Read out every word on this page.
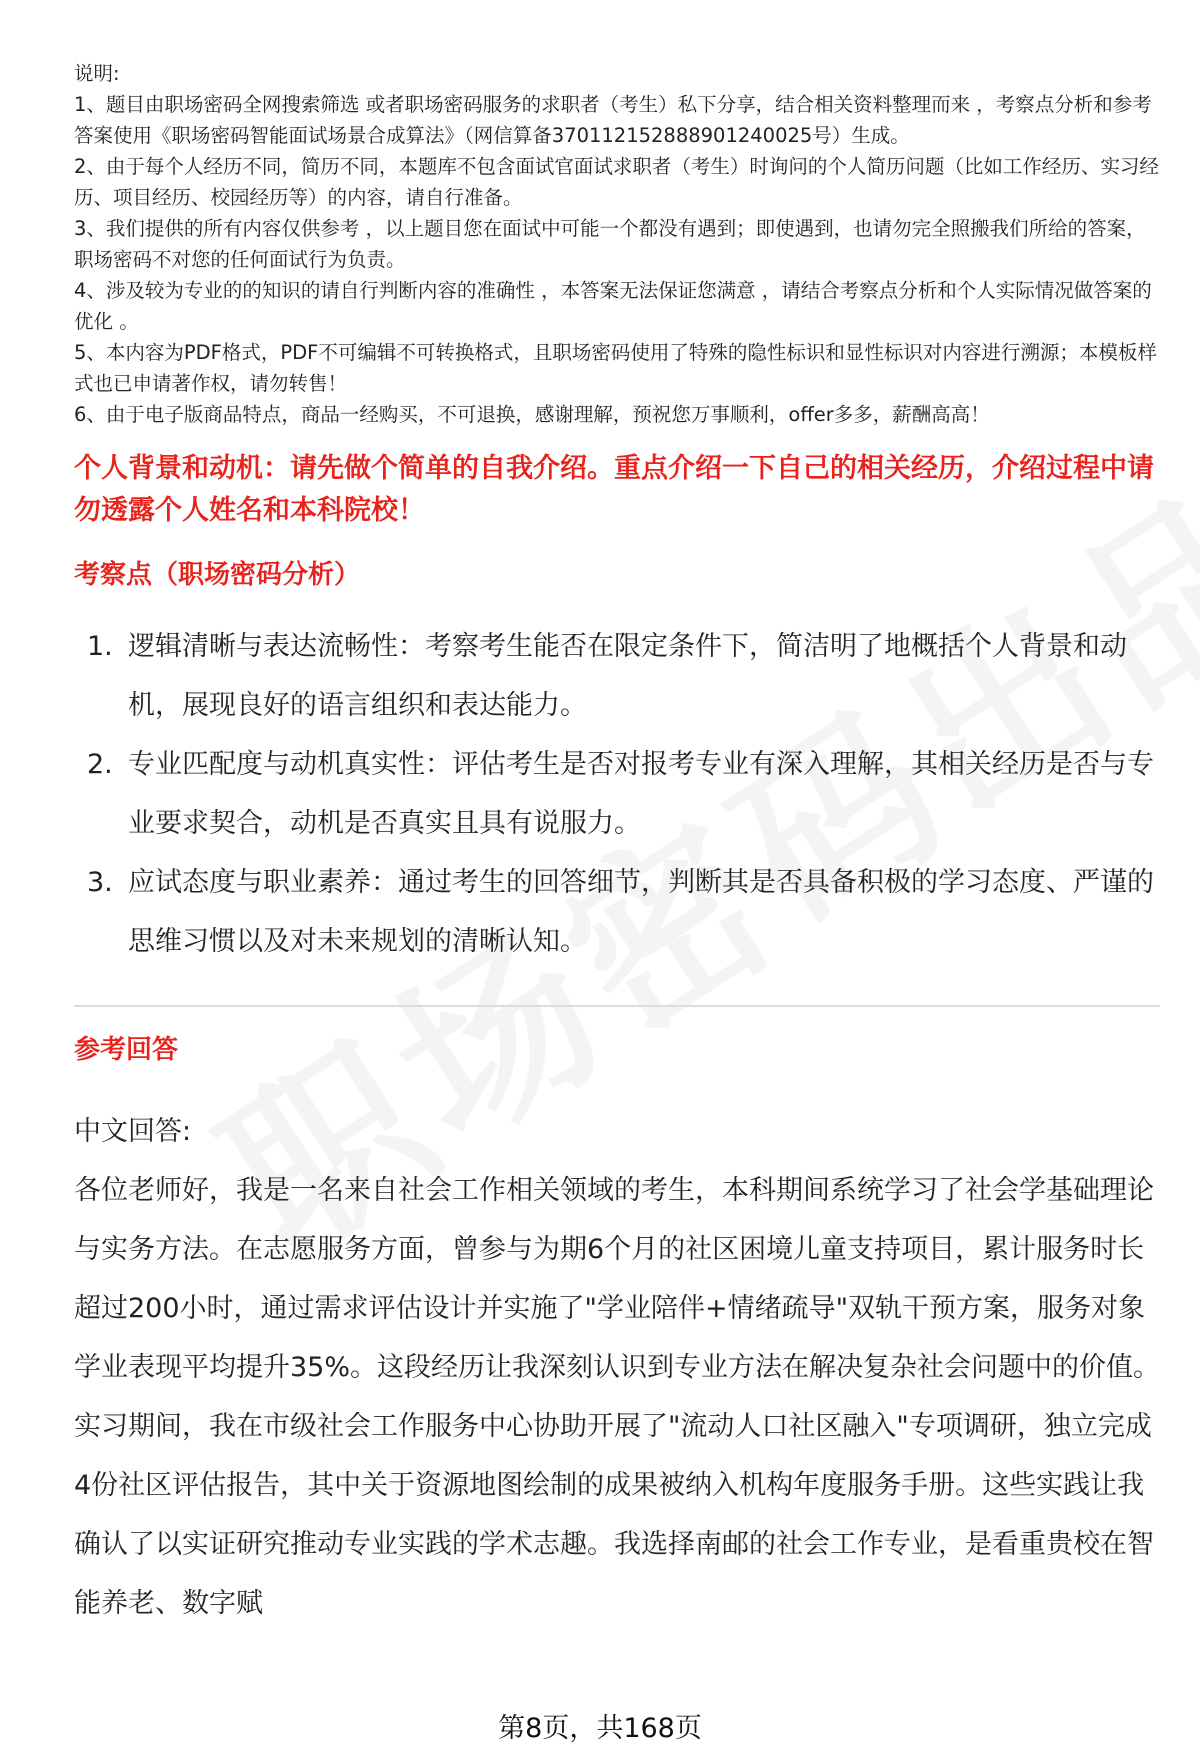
说明:

1、题目由职场密码全网搜索筛选 或者职场密码服务的求职者（考生）私下分享，结合相关资料整理而来 ，考察点分析和参考答案使用《职场密码智能面试场景合成算法》（网信算备370112152888901240025号）生成。

2、由于每个人经历不同，简历不同，本题库不包含面试官面试求职者（考生）时询问的个人简历问题（比如工作经历、实习经历、项目经历、校园经历等）的内容，请自行准备。

3、我们提供的所有内容仅供参考 ，以上题目您在面试中可能一个都没有遇到；即使遇到，也请勿完全照搬我们所给的答案，职场密码不对您的任何面试行为负责。

4、涉及较为专业的的知识的请自行判断内容的准确性 ，本答案无法保证您满意 ，请结合考察点分析和个人实际情况做答案的优化 。

5、本内容为PDF格式，PDF不可编辑不可转换格式，且职场密码使用了特殊的隐性标识和显性标识对内容进行溯源；本模板样式也已申请著作权，请勿转售！

6、由于电子版商品特点，商品一经购买，不可退换，感谢理解，预祝您万事顺利，offer多多，薪酬高高！

个人背景和动机：请先做个简单的自我介绍。重点介绍一下自己的相关经历，介绍过程中请勿透露个人姓名和本科院校！
考察点（职场密码分析）
1. 逻辑清晰与表达流畅性：考察考生能否在限定条件下，简洁明了地概括个人背景和动机，展现良好的语言组织和表达能力。
2. 专业匹配度与动机真实性：评估考生是否对报考专业有深入理解，其相关经历是否与专业要求契合，动机是否真实且具有说服力。
3. 应试态度与职业素养：通过考生的回答细节，判断其是否具备积极的学习态度、严谨的思维习惯以及对未来规划的清晰认知。
参考回答
中文回答:

各位老师好，我是一名来自社会工作相关领域的考生，本科期间系统学习了社会学基础理论与实务方法。在志愿服务方面，曾参与为期6个月的社区困境儿童支持项目，累计服务时长超过200小时，通过需求评估设计并实施了"学业陪伴+情绪疏导"双轨干预方案，服务对象学业表现平均提升35%。这段经历让我深刻认识到专业方法在解决复杂社会问题中的价值。实习期间，我在市级社会工作服务中心协助开展了"流动人口社区融入"专项调研，独立完成4份社区评估报告，其中关于资源地图绘制的成果被纳入机构年度服务手册。这些实践让我确认了以实证研究推动专业实践的学术志趣。我选择南邮的社会工作专业，是看重贵校在智能养老、数字赋

第8页，共168页
